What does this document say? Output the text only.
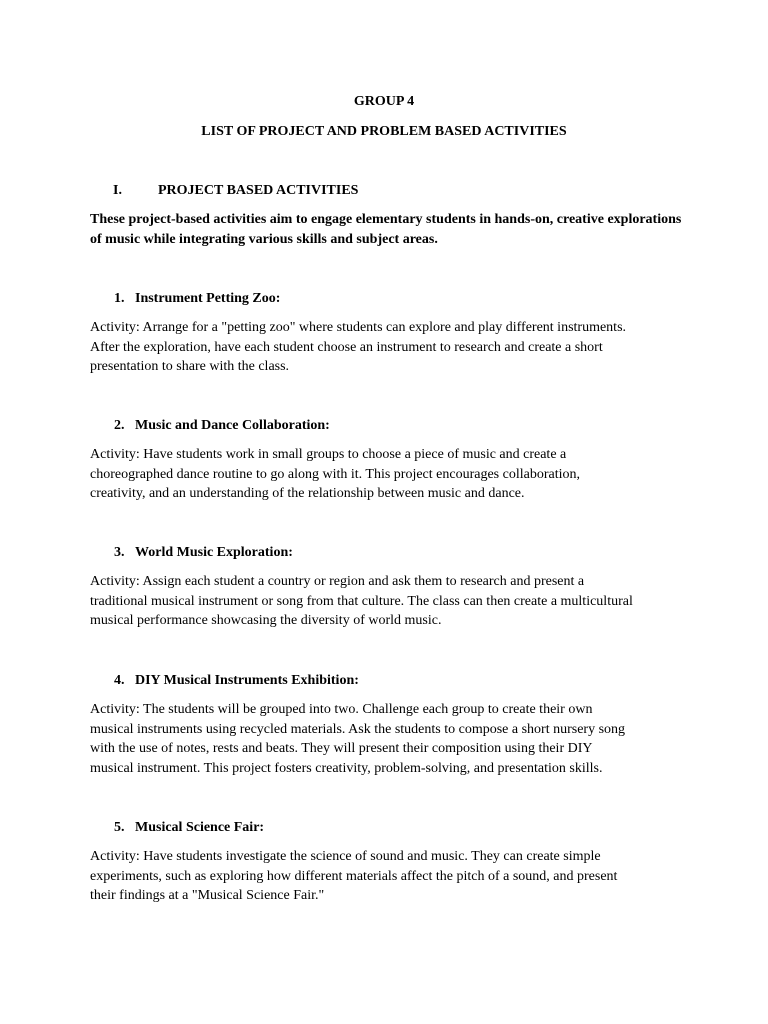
GROUP 4
LIST OF PROJECT AND PROBLEM BASED ACTIVITIES
I.	PROJECT BASED ACTIVITIES
These project-based activities aim to engage elementary students in hands-on, creative explorations of music while integrating various skills and subject areas.
1. Instrument Petting Zoo:
Activity: Arrange for a "petting zoo" where students can explore and play different instruments.
After the exploration, have each student choose an instrument to research and create a short
presentation to share with the class.
2. Music and Dance Collaboration:
Activity: Have students work in small groups to choose a piece of music and create a
choreographed dance routine to go along with it. This project encourages collaboration,
creativity, and an understanding of the relationship between music and dance.
3. World Music Exploration:
Activity: Assign each student a country or region and ask them to research and present a
traditional musical instrument or song from that culture. The class can then create a multicultural
musical performance showcasing the diversity of world music.
4. DIY Musical Instruments Exhibition:
Activity: The students will be grouped into two. Challenge each group to create their own
musical instruments using recycled materials. Ask the students to compose a short nursery song
with the use of notes, rests and beats. They will present their composition using their DIY
musical instrument. This project fosters creativity, problem-solving, and presentation skills.
5. Musical Science Fair:
Activity: Have students investigate the science of sound and music. They can create simple
experiments, such as exploring how different materials affect the pitch of a sound, and present
their findings at a "Musical Science Fair."
